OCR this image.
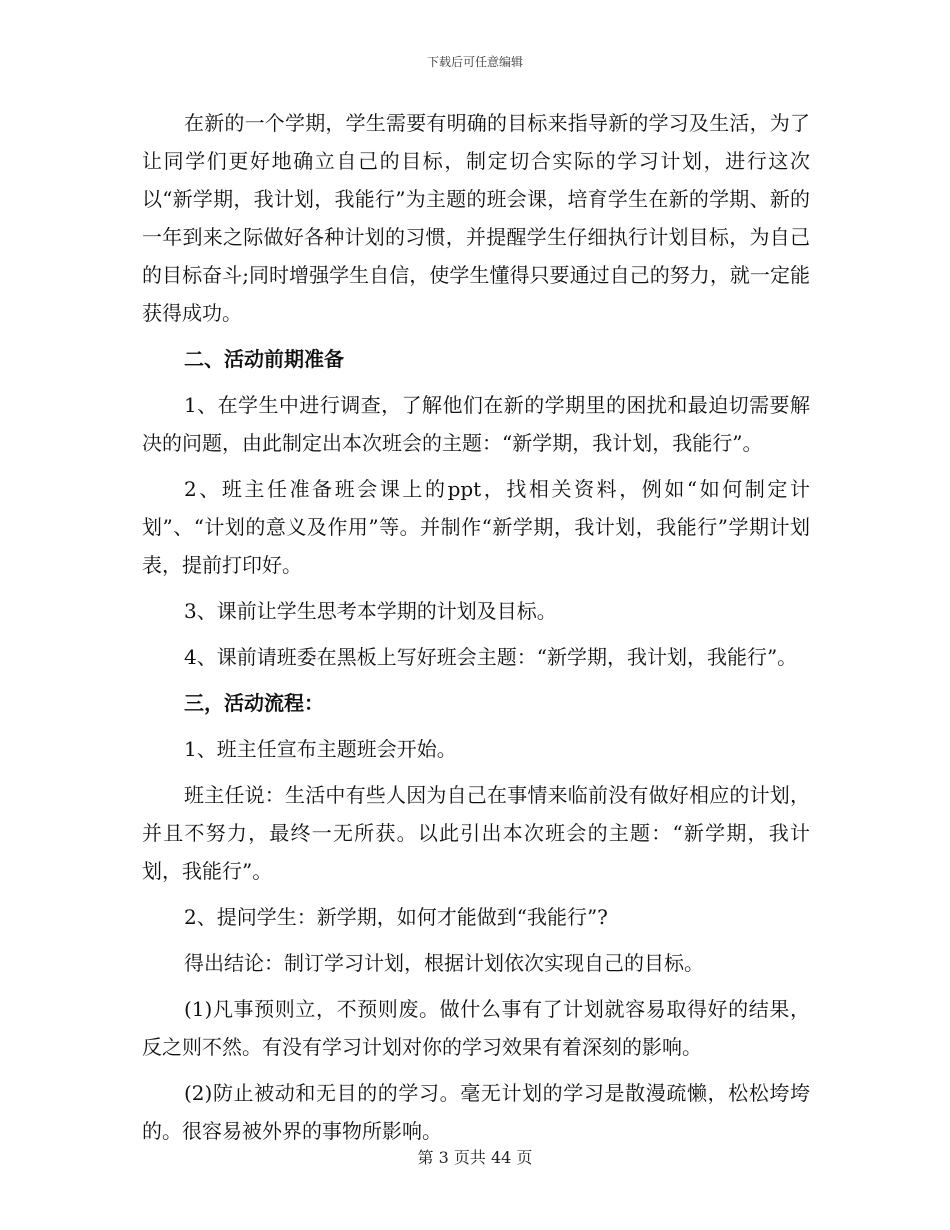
下载后可任意编辑

在新的一个学期，学生需要有明确的目标来指导新的学习及生活，为了让同学们更好地确立自己的目标，制定切合实际的学习计划，进行这次以“新学期，我计划，我能行”为主题的班会课，培育学生在新的学期、新的一年到来之际做好各种计划的习惯，并提醒学生仔细执行计划目标，为自己的目标奋斗;同时增强学生自信，使学生懂得只要通过自己的努力，就一定能获得成功。

二、活动前期准备

1、在学生中进行调查，了解他们在新的学期里的困扰和最迫切需要解决的问题，由此制定出本次班会的主题：“新学期，我计划，我能行”。

2、班主任准备班会课上的ppt，找相关资料，例如“如何制定计划”、“计划的意义及作用”等。并制作“新学期，我计划，我能行”学期计划表，提前打印好。

3、课前让学生思考本学期的计划及目标。

4、课前请班委在黑板上写好班会主题：“新学期，我计划，我能行”。

三，活动流程：

1、班主任宣布主题班会开始。

班主任说：生活中有些人因为自己在事情来临前没有做好相应的计划，并且不努力，最终一无所获。以此引出本次班会的主题：“新学期，我计划，我能行”。

2、提问学生：新学期，如何才能做到“我能行”?

得出结论：制订学习计划，根据计划依次实现自己的目标。

(1)凡事预则立，不预则废。做什么事有了计划就容易取得好的结果，反之则不然。有没有学习计划对你的学习效果有着深刻的影响。

(2)防止被动和无目的的学习。毫无计划的学习是散漫疏懒，松松垮垮的。很容易被外界的事物所影响。

第 3 页共 44 页
